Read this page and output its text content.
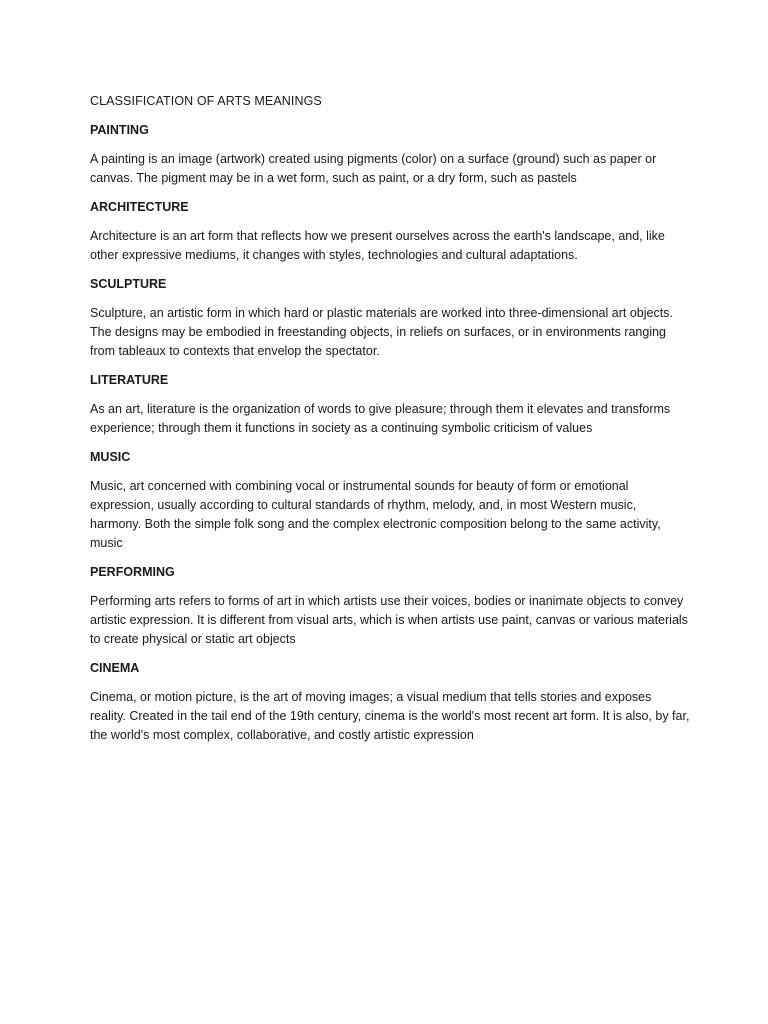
CLASSIFICATION OF ARTS MEANINGS
PAINTING
A painting is an image (artwork) created using pigments (color) on a surface (ground) such as paper or canvas. The pigment may be in a wet form, such as paint, or a dry form, such as pastels
ARCHITECTURE
Architecture is an art form that reflects how we present ourselves across the earth's landscape, and, like other expressive mediums, it changes with styles, technologies and cultural adaptations.
SCULPTURE
Sculpture, an artistic form in which hard or plastic materials are worked into three-dimensional art objects. The designs may be embodied in freestanding objects, in reliefs on surfaces, or in environments ranging from tableaux to contexts that envelop the spectator.
LITERATURE
As an art, literature is the organization of words to give pleasure; through them it elevates and transforms experience; through them it functions in society as a continuing symbolic criticism of values
MUSIC
Music, art concerned with combining vocal or instrumental sounds for beauty of form or emotional expression, usually according to cultural standards of rhythm, melody, and, in most Western music, harmony. Both the simple folk song and the complex electronic composition belong to the same activity, music
PERFORMING
Performing arts refers to forms of art in which artists use their voices, bodies or inanimate objects to convey artistic expression. It is different from visual arts, which is when artists use paint, canvas or various materials to create physical or static art objects
CINEMA
Cinema, or motion picture, is the art of moving images; a visual medium that tells stories and exposes reality. Created in the tail end of the 19th century, cinema is the world's most recent art form. It is also, by far, the world's most complex, collaborative, and costly artistic expression
